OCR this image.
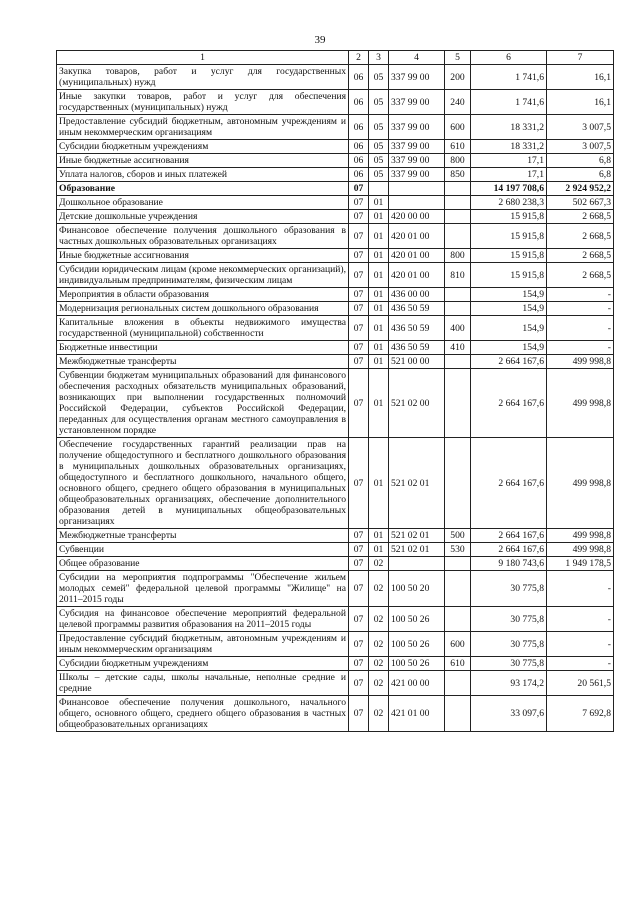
39
1	2	3	4	5	6	7
Закупка товаров, работ и услуг для государственных (муниципальных) нужд	06	05	337 99 00	200	1 741,6	16,1
Иные закупки товаров, работ и услуг для обеспечения государственных (муниципальных) нужд	06	05	337 99 00	240	1 741,6	16,1
Предоставление субсидий бюджетным, автономным учреждениям и иным некоммерческим организациям	06	05	337 99 00	600	18 331,2	3 007,5
Субсидии бюджетным учреждениям	06	05	337 99 00	610	18 331,2	3 007,5
Иные бюджетные ассигнования	06	05	337 99 00	800	17,1	6,8
Уплата налогов, сборов и иных платежей	06	05	337 99 00	850	17,1	6,8
Образование	07				14 197 708,6	2 924 952,2
Дошкольное образование	07	01			2 680 238,3	502 667,3
Детские дошкольные учреждения	07	01	420 00 00		15 915,8	2 668,5
Финансовое обеспечение получения дошкольного образования в частных дошкольных образовательных организациях	07	01	420 01 00		15 915,8	2 668,5
Иные бюджетные ассигнования	07	01	420 01 00	800	15 915,8	2 668,5
Субсидии юридическим лицам (кроме некоммерческих организаций), индивидуальным предпринимателям, физическим лицам	07	01	420 01 00	810	15 915,8	2 668,5
Мероприятия в области образования	07	01	436 00 00		154,9	-
Модернизация региональных систем дошкольного образования	07	01	436 50 59		154,9	-
Капитальные вложения в объекты недвижимого имущества государственной (муниципальной) собственности	07	01	436 50 59	400	154,9	-
Бюджетные инвестиции	07	01	436 50 59	410	154,9	-
Межбюджетные трансферты	07	01	521 00 00		2 664 167,6	499 998,8
Субвенции бюджетам муниципальных образований для финансового обеспечения расходных обязательств муниципальных образований, возникающих при выполнении государственных полномочий Российской Федерации, субъектов Российской Федерации, переданных для осуществления органам местного самоуправления в установленном порядке	07	01	521 02 00		2 664 167,6	499 998,8
Обеспечение государственных гарантий реализации прав на получение общедоступного и бесплатного дошкольного образования в муниципальных дошкольных образовательных организациях, общедоступного и бесплатного дошкольного, начального общего, основного общего, среднего общего образования в муниципальных общеобразовательных организациях, обеспечение дополнительного образования детей в муниципальных общеобразовательных организациях	07	01	521 02 01		2 664 167,6	499 998,8
Межбюджетные трансферты	07	01	521 02 01	500	2 664 167,6	499 998,8
Субвенции	07	01	521 02 01	530	2 664 167,6	499 998,8
Общее образование	07	02			9 180 743,6	1 949 178,5
Субсидии на мероприятия подпрограммы "Обеспечение жильем молодых семей" федеральной целевой программы "Жилище" на 2011–2015 годы	07	02	100 50 20		30 775,8	-
Субсидия на финансовое обеспечение мероприятий федеральной целевой программы развития образования на 2011–2015 годы	07	02	100 50 26		30 775,8	-
Предоставление субсидий бюджетным, автономным учреждениям и иным некоммерческим организациям	07	02	100 50 26	600	30 775,8	-
Субсидии бюджетным учреждениям	07	02	100 50 26	610	30 775,8	-
Школы – детские сады, школы начальные, неполные средние и средние	07	02	421 00 00		93 174,2	20 561,5
Финансовое обеспечение получения дошкольного, начального общего, основного общего, среднего общего образования в частных общеобразовательных организациях	07	02	421 01 00		33 097,6	7 692,8
